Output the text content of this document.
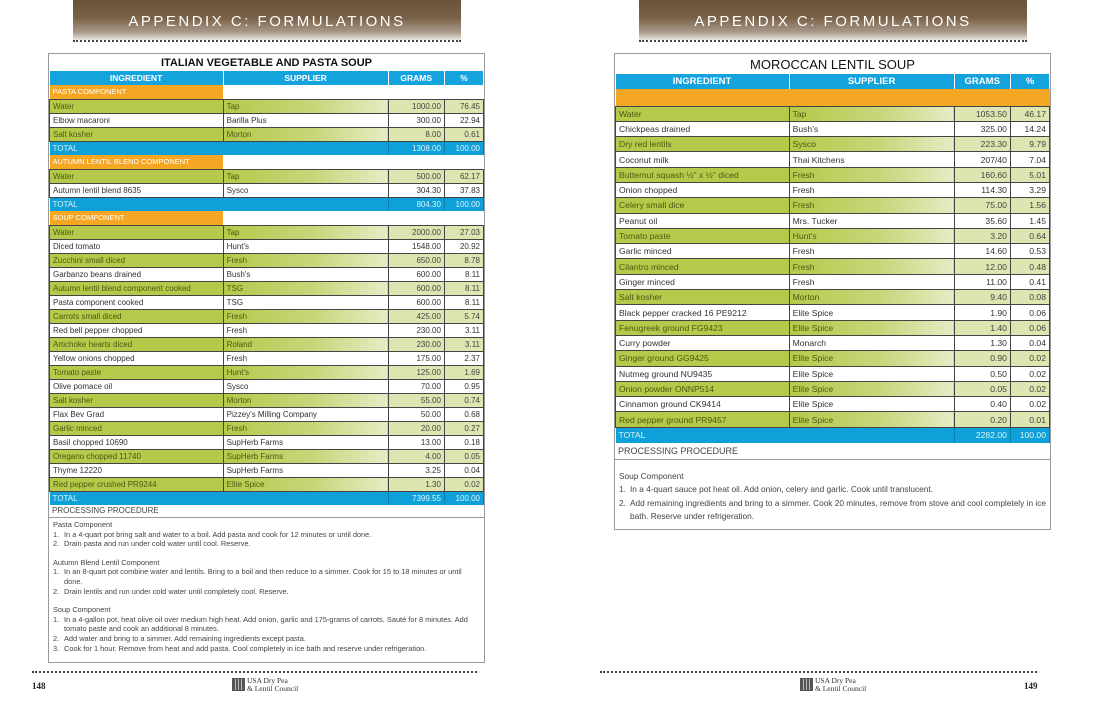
APPENDIX C: FORMULATIONS
ITALIAN VEGETABLE AND PASTA SOUP
INGREDIENT	SUPPLIER	GRAMS	%
PASTA COMPONENT			
Water	Tap	1000.00	76.45
Elbow macaroni	Barilla Plus	300.00	22.94
Salt kosher	Morton	8.00	0.61
TOTAL		1308.00	100.00
AUTUMN LENTIL BLEND COMPONENT			
Water	Tap	500.00	62.17
Autumn lentil blend 8635	Sysco	304.30	37.83
TOTAL		804.30	100.00
SOUP COMPONENT			
Water	Tap	2000.00	27.03
Diced tomato	Hunt's	1548.00	20.92
Zucchini small diced	Fresh	650.00	8.78
Garbanzo beans drained	Bush's	600.00	8.11
Autumn lentil blend component cooked	TSG	600.00	8.11
Pasta component cooked	TSG	600.00	8.11
Carrots small diced	Fresh	425.00	5.74
Red bell pepper chopped	Fresh	230.00	3.11
Artichoke hearts diced	Roland	230.00	3.11
Yellow onions chopped	Fresh	175.00	2.37
Tomato paste	Hunt's	125.00	1.69
Olive pomace oil	Sysco	70.00	0.95
Salt kosher	Morton	55.00	0.74
Flax Bev Grad	Pizzey's Milling Company	50.00	0.68
Garlic minced	Fresh	20.00	0.27
Basil chopped 10690	SupHerb Farms	13.00	0.18
Oregano chopped 11740	SupHerb Farms	4.00	0.05
Thyme 12220	SupHerb Farms	3.25	0.04
Red pepper crushed PR9244	Elite Spice	1.30	0.02
TOTAL		7399.55	100.00
PROCESSING PROCEDURE
Pasta Component
1. In a 4-quart pot bring salt and water to a boil. Add pasta and cook for 12 minutes or until done.
2. Drain pasta and run under cold water until cool. Reserve.
Autumn Blend Lentil Component
1. In an 8-quart pot combine water and lentils. Bring to a boil and then reduce to a simmer. Cook for 15 to 18 minutes or until done.
2. Drain lentils and run under cold water until completely cool. Reserve.
Soup Component
1. In a 4-gallon pot, heat olive oil over medium high heat. Add onion, garlic and 175-grams of carrots. Sauté for 8 minutes. Add tomato paste and cook an additional 8 minutes.
2. Add water and bring to a simmer. Add remaining ingredients except pasta.
3. Cook for 1 hour. Remove from heat and add pasta. Cool completely in ice bath and reserve under refrigeration.
148
USA Dry Pea
& Lentil Council
APPENDIX C: FORMULATIONS
MOROCCAN LENTIL SOUP
INGREDIENT	SUPPLIER	GRAMS	%

Water	Tap	1053.50	46.17
Chickpeas drained	Bush's	325.00	14.24
Dry red lentils	Sysco	223.30	9.79
Coconut milk	Thai Kitchens	207/40	7.04
Butternut squash ½" x ½" diced	Fresh	160.60	5.01
Onion chopped	Fresh	114.30	3.29
Celery small dice	Fresh	75.00	1.56
Peanut oil	Mrs. Tucker	35.60	1.45
Tomato paste	Hunt's	3.20	0.64
Garlic minced	Fresh	14.60	0.53
Cilantro minced	Fresh	12.00	0.48
Ginger minced	Fresh	11.00	0.41
Salt kosher	Morton	9.40	0.08
Black pepper cracked 16 PE9212	Elite Spice	1.90	0.06
Fenugreek ground FG9423	Elite Spice	1.40	0.06
Curry powder	Monarch	1.30	0.04
Ginger ground GG9425	Elite Spice	0.90	0.02
Nutmeg ground NU9435	Elite Spice	0.50	0.02
Onion powder ONNP514	Elite Spice	0.05	0.02
Cinnamon ground CK9414	Elite Spice	0.40	0.02
Red pepper ground PR9457	Elite Spice	0.20	0.01
TOTAL		2282.00	100.00
PROCESSING PROCEDURE
Soup Component
1. In a 4-quart sauce pot heat oil. Add onion, celery and garlic. Cook until translucent.
2. Add remaining ingredients and bring to a simmer. Cook 20 minutes, remove from stove and cool completely in ice bath. Reserve under refrigeration.
149
USA Dry Pea
& Lentil Council
